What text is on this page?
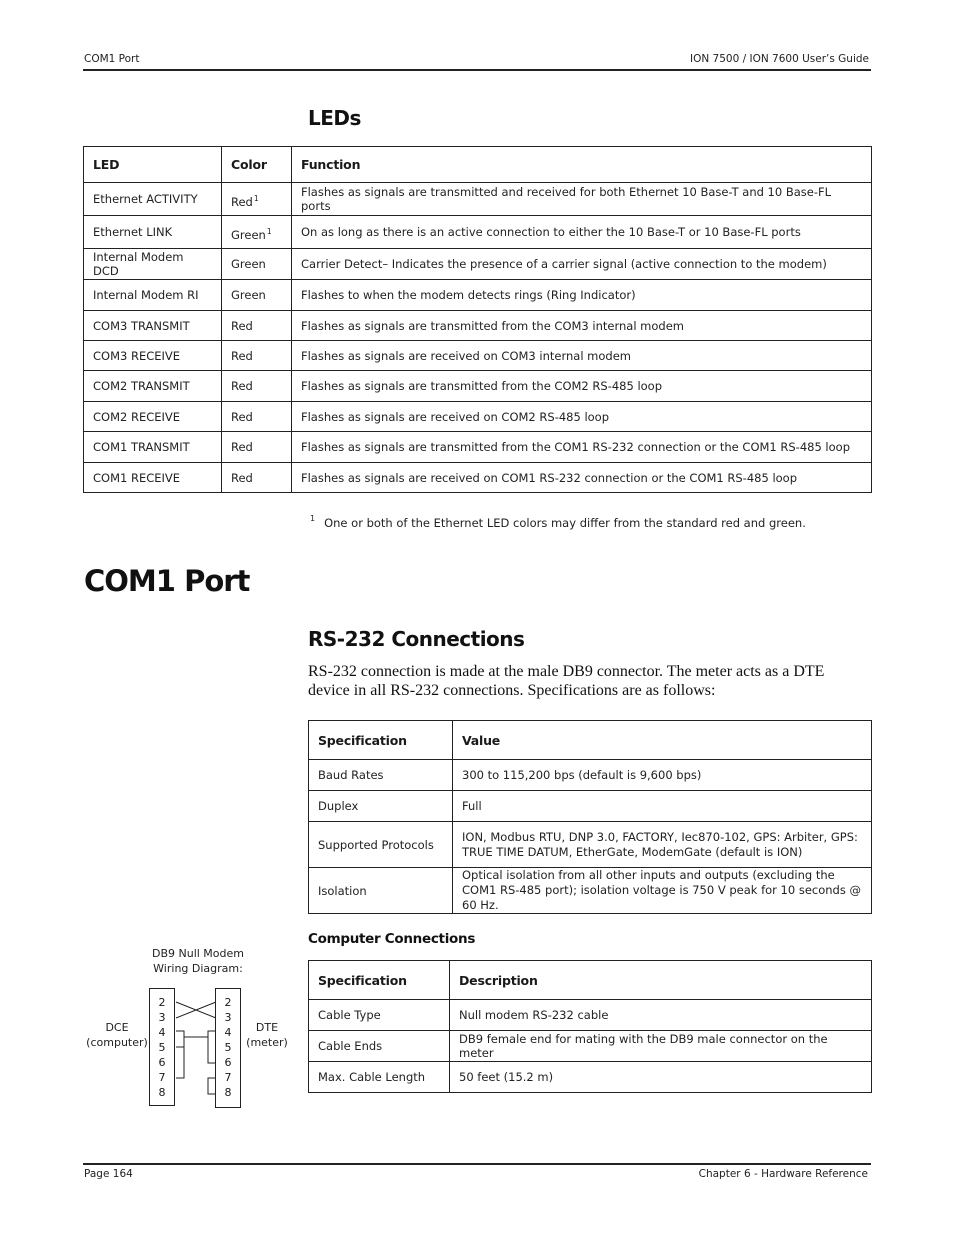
COM1 Port	ION 7500 / ION 7600 User’s Guide
LEDs
LED	Color	Function
Ethernet ACTIVITY	Red$^1$	Flashes as signals are transmitted and received for both Ethernet 10 Base-T and 10 Base-FL ports
Ethernet LINK	Green$^1$	On as long as there is an active connection to either the 10 Base-T or 10 Base-FL ports
Internal Modem DCD	Green	Carrier Detect– Indicates the presence of a carrier signal (active connection to the modem)
Internal Modem RI	Green	Flashes to when the modem detects rings (Ring Indicator)
COM3 TRANSMIT	Red	Flashes as signals are transmitted from the COM3 internal modem
COM3 RECEIVE	Red	Flashes as signals are received on COM3 internal modem
COM2 TRANSMIT	Red	Flashes as signals are transmitted from the COM2 RS-485 loop
COM2 RECEIVE	Red	Flashes as signals are received on COM2 RS-485 loop
COM1 TRANSMIT	Red	Flashes as signals are transmitted from the COM1 RS-232 connection or the COM1 RS-485 loop
COM1 RECEIVE	Red	Flashes as signals are received on COM1 RS-232 connection or the COM1 RS-485 loop
$^1$ One or both of the Ethernet LED colors may differ from the standard red and green.
COM1 Port
RS-232 Connections
RS-232 connection is made at the male DB9 connector. The meter acts as a DTE device in all RS-232 connections. Specifications are as follows:
Specification	Value
Baud Rates	300 to 115,200 bps (default is 9,600 bps)
Duplex	Full
Supported Protocols	ION, Modbus RTU, DNP 3.0, FACTORY, Iec870-102, GPS: Arbiter, GPS: TRUE TIME DATUM, EtherGate, ModemGate (default is ION)
Isolation	Optical isolation from all other inputs and outputs (excluding the COM1 RS-485 port); isolation voltage is 750 V peak for 10 seconds @ 60 Hz.
Computer Connections
Specification	Description
Cable Type	Null modem RS-232 cable
Cable Ends	DB9 female end for mating with the DB9 male connector on the meter
Max. Cable Length	50 feet (15.2 m)
DB9 Null Modem
Wiring Diagram:
DCE
(computer)
DTE
(meter)
2
3
4
5
6
7
8
2
3
4
5
6
7
8
Page 164	Chapter 6 - Hardware Reference
